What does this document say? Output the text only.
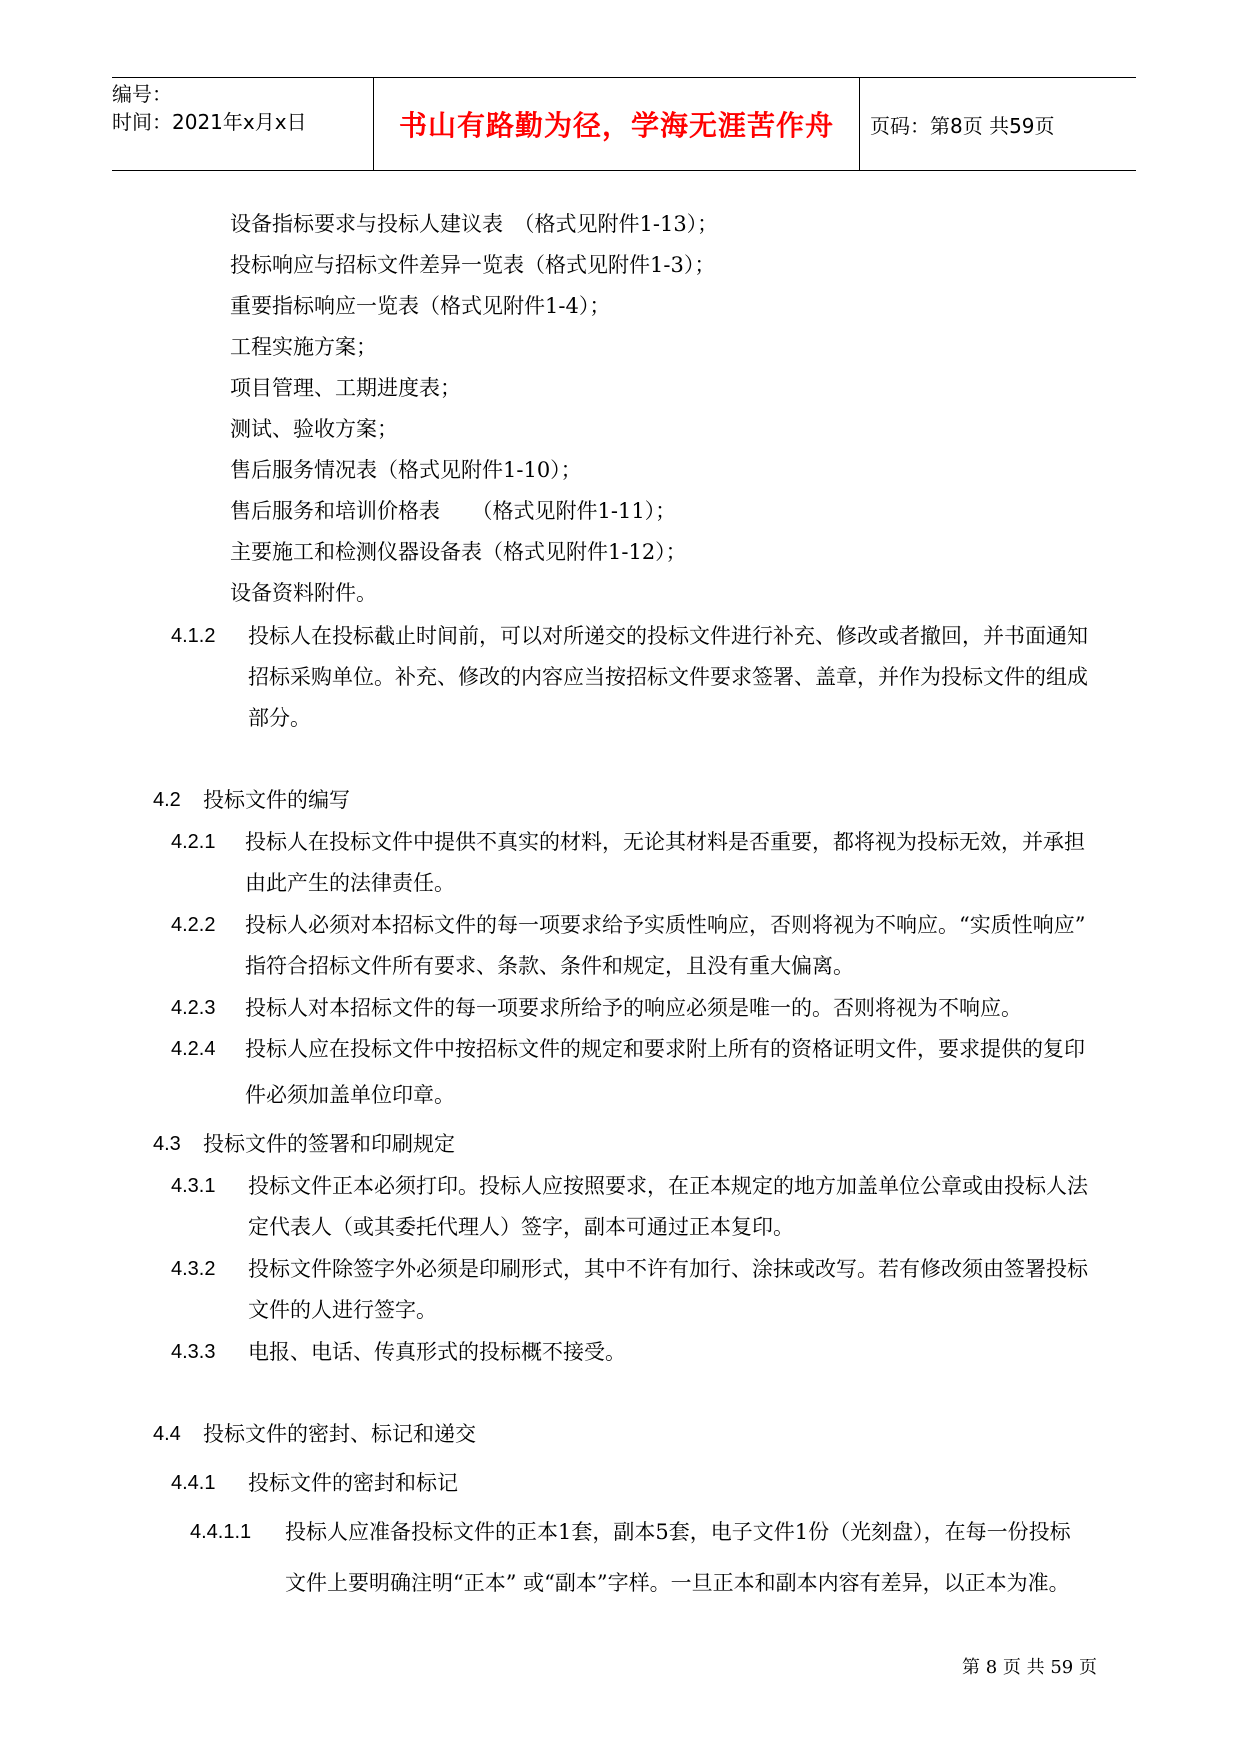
编号：
时间：2021年x月x日	书山有路勤为径，学海无涯苦作舟	页码：第8页 共59页
设备指标要求与投标人建议表　（格式见附件1-13）；
投标响应与招标文件差异一览表（格式见附件1-3）；
重要指标响应一览表（格式见附件1-4）；
工程实施方案；
项目管理、工期进度表；
测试、验收方案；
售后服务情况表（格式见附件1-10）；
售后服务和培训价格表　　（格式见附件1-11）；
主要施工和检测仪器设备表（格式见附件1-12）；
设备资料附件。
4.1.2 投标人在投标截止时间前，可以对所递交的投标文件进行补充、修改或者撤回，并书面通知
招标采购单位。补充、修改的内容应当按招标文件要求签署、盖章，并作为投标文件的组成
部分。
4.2 投标文件的编写
4.2.1 投标人在投标文件中提供不真实的材料，无论其材料是否重要，都将视为投标无效，并承担
由此产生的法律责任。
4.2.2 投标人必须对本招标文件的每一项要求给予实质性响应，否则将视为不响应。“实质性响应”
指符合招标文件所有要求、条款、条件和规定，且没有重大偏离。
4.2.3 投标人对本招标文件的每一项要求所给予的响应必须是唯一的。否则将视为不响应。
4.2.4 投标人应在投标文件中按招标文件的规定和要求附上所有的资格证明文件，要求提供的复印
件必须加盖单位印章。
4.3 投标文件的签署和印刷规定
4.3.1 投标文件正本必须打印。投标人应按照要求，在正本规定的地方加盖单位公章或由投标人法
定代表人（或其委托代理人）签字，副本可通过正本复印。
4.3.2 投标文件除签字外必须是印刷形式，其中不许有加行、涂抹或改写。若有修改须由签署投标
文件的人进行签字。
4.3.3 电报、电话、传真形式的投标概不接受。
4.4 投标文件的密封、标记和递交
4.4.1 投标文件的密封和标记
4.4.1.1 投标人应准备投标文件的正本1套，副本5套，电子文件1份（光刻盘），在每一份投标
文件上要明确注明“正本” 或“副本”字样。一旦正本和副本内容有差异，以正本为准。
第 8 页 共 59 页
